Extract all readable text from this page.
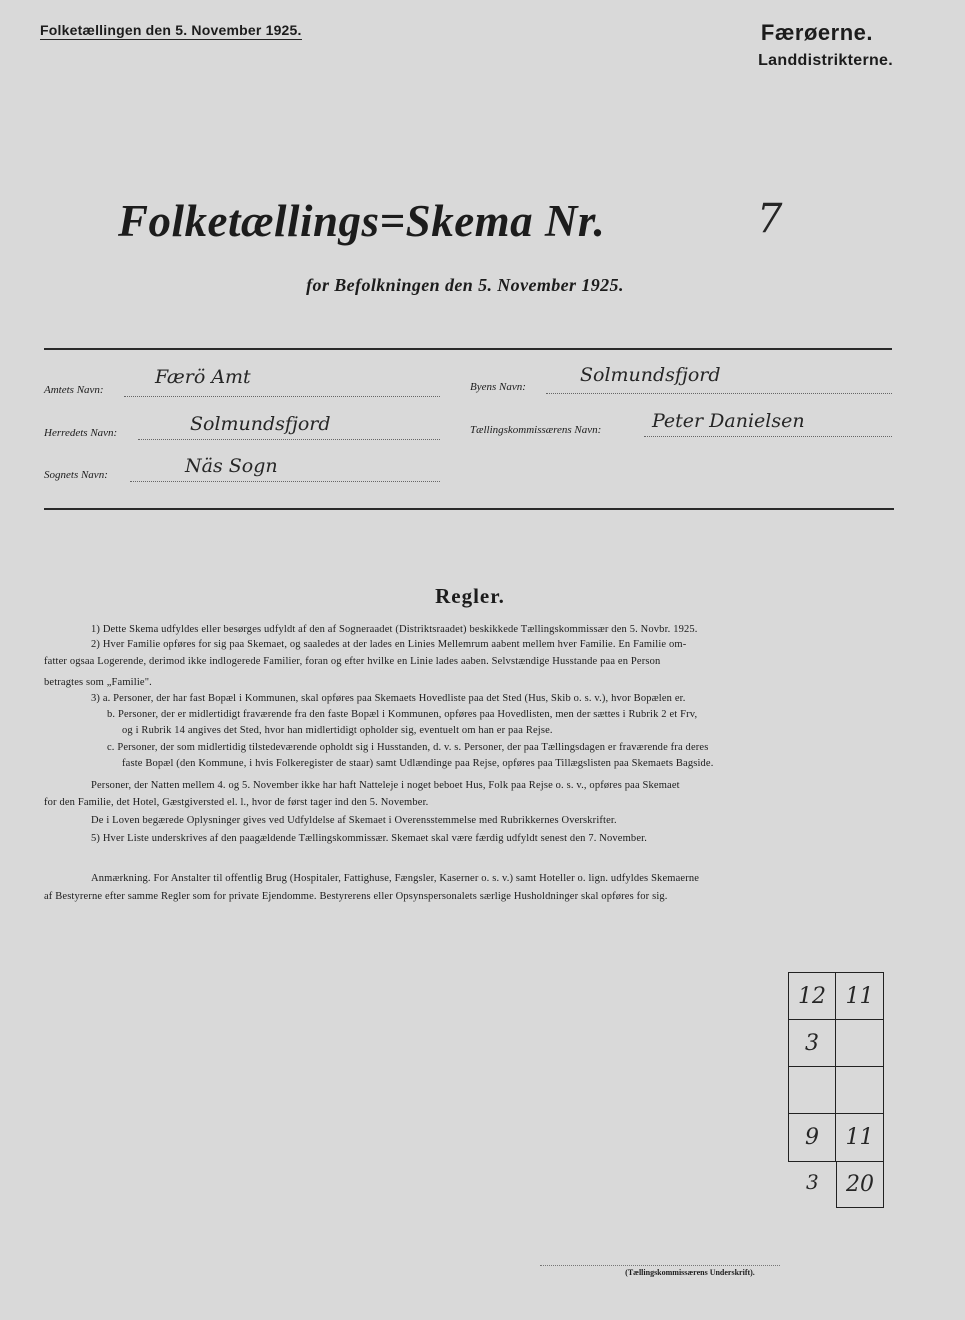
Folketællingen den 5. November 1925.	Færøerne.
Landdistrikterne.
Folketællings=Skema Nr.	7
for Befolkningen den 5. November 1925.
Amtets Navn:
Færö Amt
Herredets Navn:	Solmundsfjord
Sognets Navn:	Näs Sogn
Byens Navn:
Solmundsfjord
Tællingskommissærens Navn:	Peter Danielsen
Regler.
1) Dette Skema udfyldes eller besørges udfyldt af den af Sogneraadet (Distriktsraadet) beskikkede Tællingskommissær den 5. Novbr. 1925.
2) Hver Familie opføres for sig paa Skemaet, og saaledes at der lades en Linies Mellemrum aabent mellem hver Familie. En Familie om-
fatter ogsaa Logerende, derimod ikke indlogerede Familier, foran og efter hvilke en Linie lades aaben. Selvstændige Husstande paa en Person
betragtes som „Familie".
3) a. Personer, der har fast Bopæl i Kommunen, skal opføres paa Skemaets Hovedliste paa det Sted (Hus, Skib o. s. v.), hvor Bopælen er.
b. Personer, der er midlertidigt fraværende fra den faste Bopæl i Kommunen, opføres paa Hovedlisten, men der sættes i Rubrik 2 et Frv,
og i Rubrik 14 angives det Sted, hvor han midlertidigt opholder sig, eventuelt om han er paa Rejse.
c. Personer, der som midlertidig tilstedeværende opholdt sig i Husstanden, d. v. s. Personer, der paa Tællingsdagen er fraværende fra deres
faste Bopæl (den Kommune, i hvis Folkeregister de staar) samt Udlændinge paa Rejse, opføres paa Tillægslisten paa Skemaets Bagside.
Personer, der Natten mellem 4. og 5. November ikke har haft Natteleje i noget beboet Hus, Folk paa Rejse o. s. v., opføres paa Skemaet
for den Familie, det Hotel, Gæstgiversted el. l., hvor de først tager ind den 5. November.
De i Loven begærede Oplysninger gives ved Udfyldelse af Skemaet i Overensstemmelse med Rubrikkernes Overskrifter.
5) Hver Liste underskrives af den paagældende Tællingskommissær. Skemaet skal være færdig udfyldt senest den 7. November.
Anmærkning. For Anstalter til offentlig Brug (Hospitaler, Fattighuse, Fængsler, Kaserner o. s. v.) samt Hoteller o. lign. udfyldes Skemaerne
af Bestyrerne efter samme Regler som for private Ejendomme. Bestyrerens eller Opsynspersonalets særlige Husholdninger skal opføres for sig.
12 11
3
9	11
3	20
(Tællingskommissærens Underskrift).
